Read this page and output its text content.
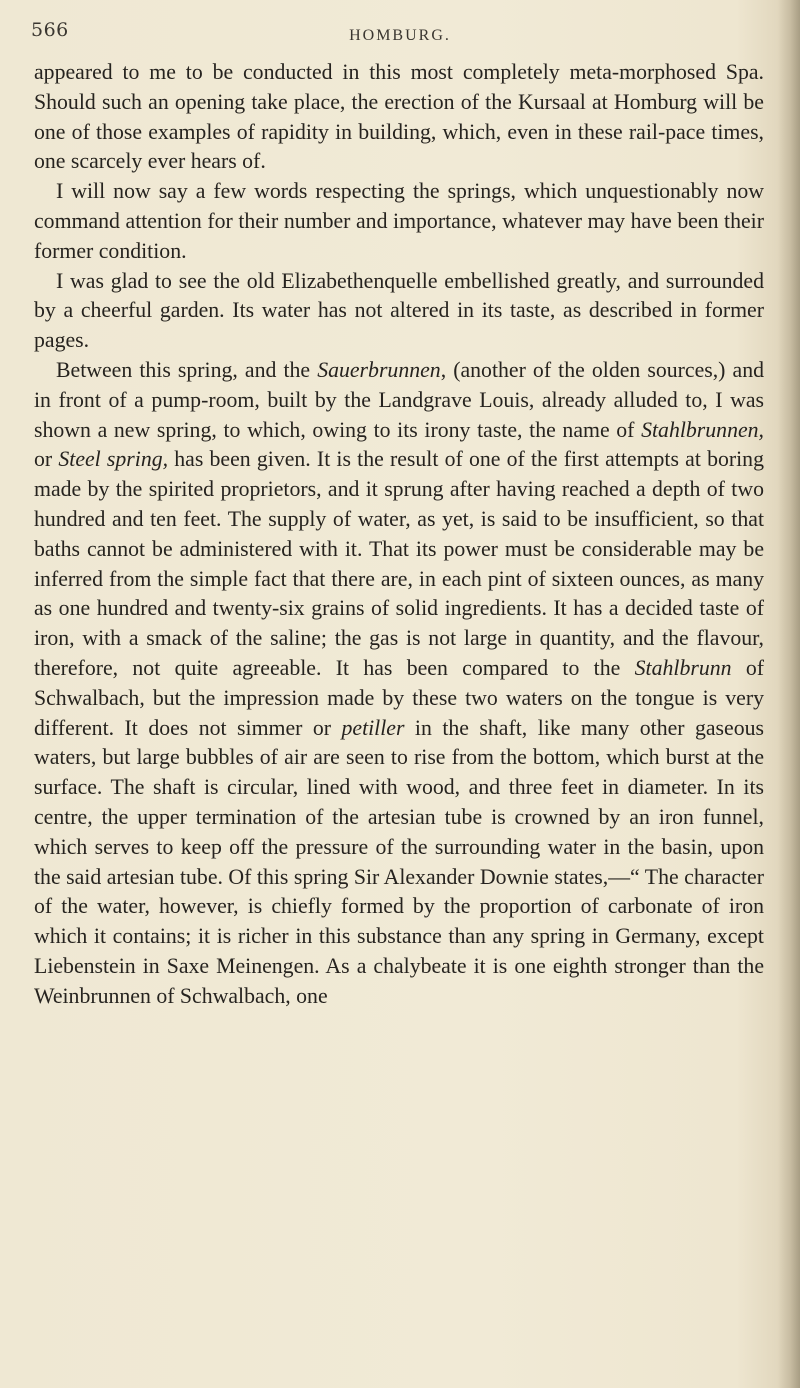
566	HOMBURG.

appeared to me to be conducted in this most completely meta-morphosed Spa. Should such an opening take place, the erection of the Kursaal at Homburg will be one of those examples of rapidity in building, which, even in these rail-pace times, one scarcely ever hears of.

I will now say a few words respecting the springs, which unquestionably now command attention for their number and importance, whatever may have been their former condition.

I was glad to see the old Elizabethenquelle embellished greatly, and surrounded by a cheerful garden. Its water has not altered in its taste, as described in former pages.

Between this spring, and the Sauerbrunnen, (another of the olden sources,) and in front of a pump-room, built by the Landgrave Louis, already alluded to, I was shown a new spring, to which, owing to its irony taste, the name of Stahlbrunnen, or Steel spring, has been given. It is the result of one of the first attempts at boring made by the spirited proprietors, and it sprung after having reached a depth of two hundred and ten feet. The supply of water, as yet, is said to be insufficient, so that baths cannot be administered with it. That its power must be considerable may be inferred from the simple fact that there are, in each pint of sixteen ounces, as many as one hundred and twenty-six grains of solid ingredients. It has a decided taste of iron, with a smack of the saline; the gas is not large in quantity, and the flavour, therefore, not quite agreeable. It has been compared to the Stahlbrunn of Schwalbach, but the impression made by these two waters on the tongue is very different. It does not simmer or petiller in the shaft, like many other gaseous waters, but large bubbles of air are seen to rise from the bottom, which burst at the surface. The shaft is circular, lined with wood, and three feet in diameter. In its centre, the upper termination of the artesian tube is crowned by an iron funnel, which serves to keep off the pressure of the surrounding water in the basin, upon the said artesian tube. Of this spring Sir Alexander Downie states,—“ The character of the water, however, is chiefly formed by the proportion of carbonate of iron which it contains; it is richer in this substance than any spring in Germany, except Liebenstein in Saxe Meinengen. As a chalybeate it is one eighth stronger than the Weinbrunnen of Schwalbach, one
